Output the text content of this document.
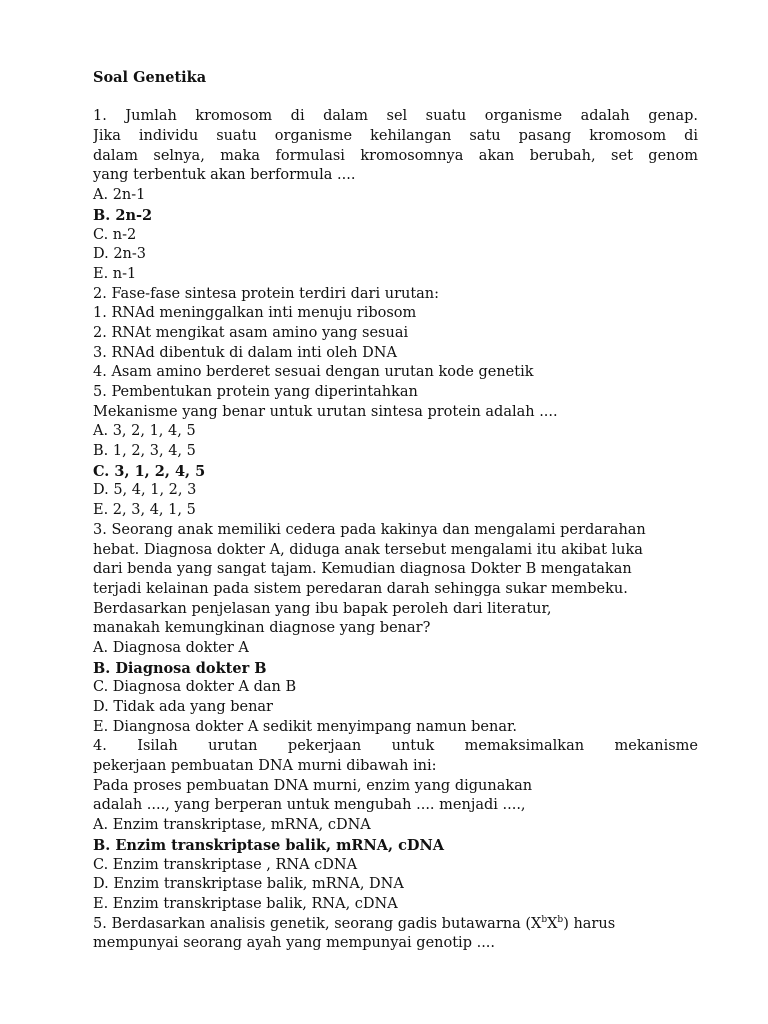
Soal Genetika
1. Jumlah kromosom di dalam sel suatu organisme adalah genap.
Jika individu suatu organisme kehilangan satu pasang kromosom di
dalam selnya, maka formulasi kromosomnya akan berubah, set genom
yang terbentuk akan berformula ....
A. 2n-1
B. 2n-2
C. n-2
D. 2n-3
E. n-1
2. Fase-fase sintesa protein terdiri dari urutan:
1. RNAd meninggalkan inti menuju ribosom
2. RNAt mengikat asam amino yang sesuai
3. RNAd dibentuk di dalam inti oleh DNA
4. Asam amino berderet sesuai dengan urutan kode genetik
5. Pembentukan protein yang diperintahkan
Mekanisme yang benar untuk urutan sintesa protein adalah ....
A. 3, 2, 1, 4, 5
B. 1, 2, 3, 4, 5
C. 3, 1, 2, 4, 5
D. 5, 4, 1, 2, 3
E. 2, 3, 4, 1, 5
3. Seorang anak memiliki cedera pada kakinya dan mengalami perdarahan
hebat. Diagnosa dokter A, diduga anak tersebut mengalami itu akibat luka
dari benda yang sangat tajam. Kemudian diagnosa Dokter B mengatakan
terjadi kelainan pada sistem peredaran darah sehingga sukar membeku.
Berdasarkan penjelasan yang ibu bapak peroleh dari literatur,
manakah kemungkinan diagnose yang benar?
A. Diagnosa dokter A
B. Diagnosa dokter B
C. Diagnosa dokter A dan B
D. Tidak ada yang benar
E. Diangnosa dokter A sedikit menyimpang namun benar.
4. Isilah urutan pekerjaan untuk memaksimalkan mekanisme
pekerjaan pembuatan DNA murni dibawah ini:
Pada proses pembuatan DNA murni, enzim yang digunakan
adalah ...., yang berperan untuk mengubah .... menjadi ....,
A. Enzim transkriptase, mRNA, cDNA
B. Enzim transkriptase balik, mRNA, cDNA
C. Enzim transkriptase , RNA cDNA
D. Enzim transkriptase balik, mRNA, DNA
E. Enzim transkriptase balik, RNA, cDNA
5. Berdasarkan analisis genetik, seorang gadis butawarna $(X^bX^b)$ harus
mempunyai seorang ayah yang mempunyai genotip ....
